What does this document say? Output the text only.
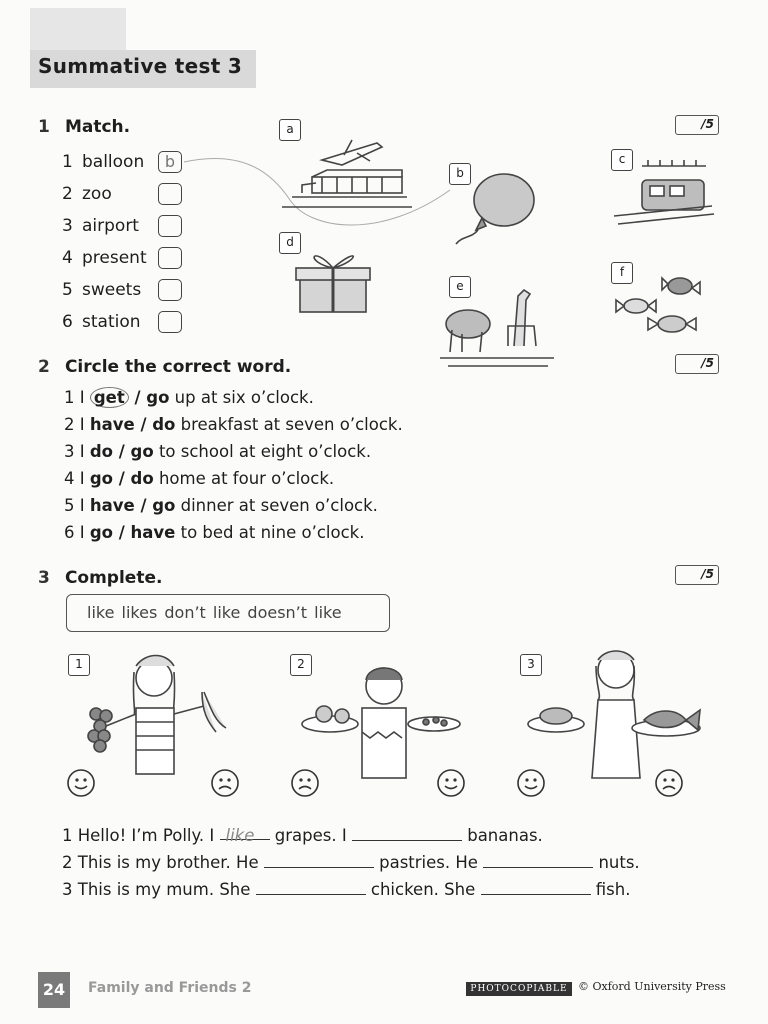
Summative test 3
1 Match.	/5
1 balloon
2 zoo
3 airport
4 present
5 sweets
6 station
b
a
b
c
d
e
f
2 Circle the correct word.	/5
1 I get / go up at six o’clock.
2 I have / do breakfast at seven o’clock.
3 I do / go to school at eight o’clock.
4 I go / do home at four o’clock.
5 I have / go dinner at seven o’clock.
6 I go / have to bed at nine o’clock.
3 Complete.	/5
like likes don’t like doesn’t like
1	2	3
1 Hello! I’m Polly. I like grapes. I	bananas.
2 This is my brother. He	pastries. He	nuts.
3 This is my mum. She	chicken. She	fish.
24	Family and Friends 2	PHOTOCOPIABLE © Oxford University Press
